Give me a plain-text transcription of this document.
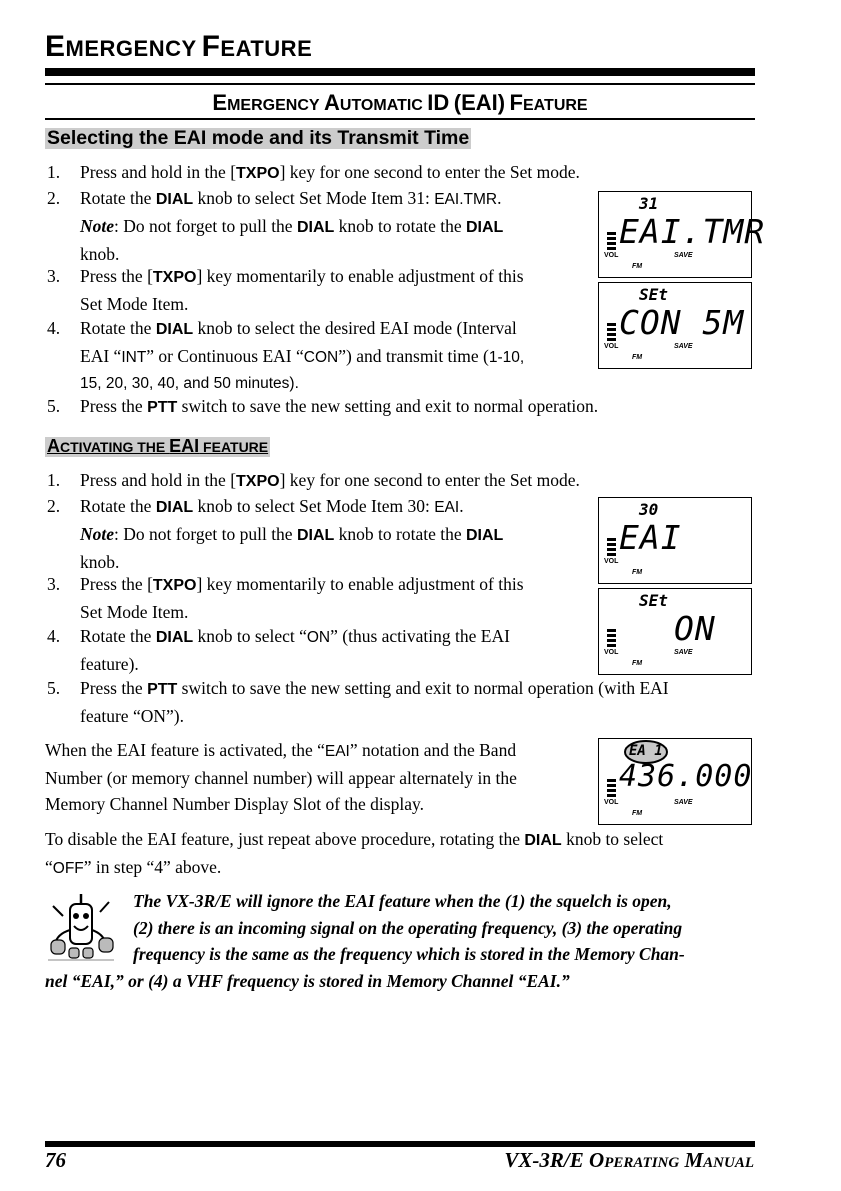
EMERGENCY FEATURE
EMERGENCY AUTOMATIC ID (EAI) FEATURE
Selecting the EAI mode and its Transmit Time
1. Press and hold in the [TXPO] key for one second to enter the Set mode.
2. Rotate the DIAL knob to select Set Mode Item 31: EAI.TMR.
Note: Do not forget to pull the DIAL knob to rotate the DIAL
knob.
3. Press the [TXPO] key momentarily to enable adjustment of this
Set Mode Item.
4. Rotate the DIAL knob to select the desired EAI mode (Interval
EAI “INT” or Continuous EAI “CON”) and transmit time (1-10,
15, 20, 30, 40, and 50 minutes).
5. Press the PTT switch to save the new setting and exit to normal operation.
31
EAI.TMR
VOL	SAVE
FM
SEt
CON 5M
VOL	SAVE
FM
ACTIVATING THE EAI FEATURE
1. Press and hold in the [TXPO] key for one second to enter the Set mode.
2. Rotate the DIAL knob to select Set Mode Item 30: EAI.
Note: Do not forget to pull the DIAL knob to rotate the DIAL
knob.
3. Press the [TXPO] key momentarily to enable adjustment of this
Set Mode Item.
4. Rotate the DIAL knob to select “ON” (thus activating the EAI
feature).
5. Press the PTT switch to save the new setting and exit to normal operation (with EAI
feature “ON”).
30
EAI
VOL
FM
SEt
ON
VOL	SAVE
FM
When the EAI feature is activated, the “EAI” notation and the Band
Number (or memory channel number) will appear alternately in the
Memory Channel Number Display Slot of the display.
EA 1
436.000
VOL	SAVE
FM
To disable the EAI feature, just repeat above procedure, rotating the DIAL knob to select
“OFF” in step “4” above.
The VX-3R/E will ignore the EAI feature when the (1) the squelch is open,
(2) there is an incoming signal on the operating frequency, (3) the operating
frequency is the same as the frequency which is stored in the Memory Chan-
nel “EAI,” or (4) a VHF frequency is stored in Memory Channel “EAI.”
76	VX-3R/E OPERATING MANUAL
